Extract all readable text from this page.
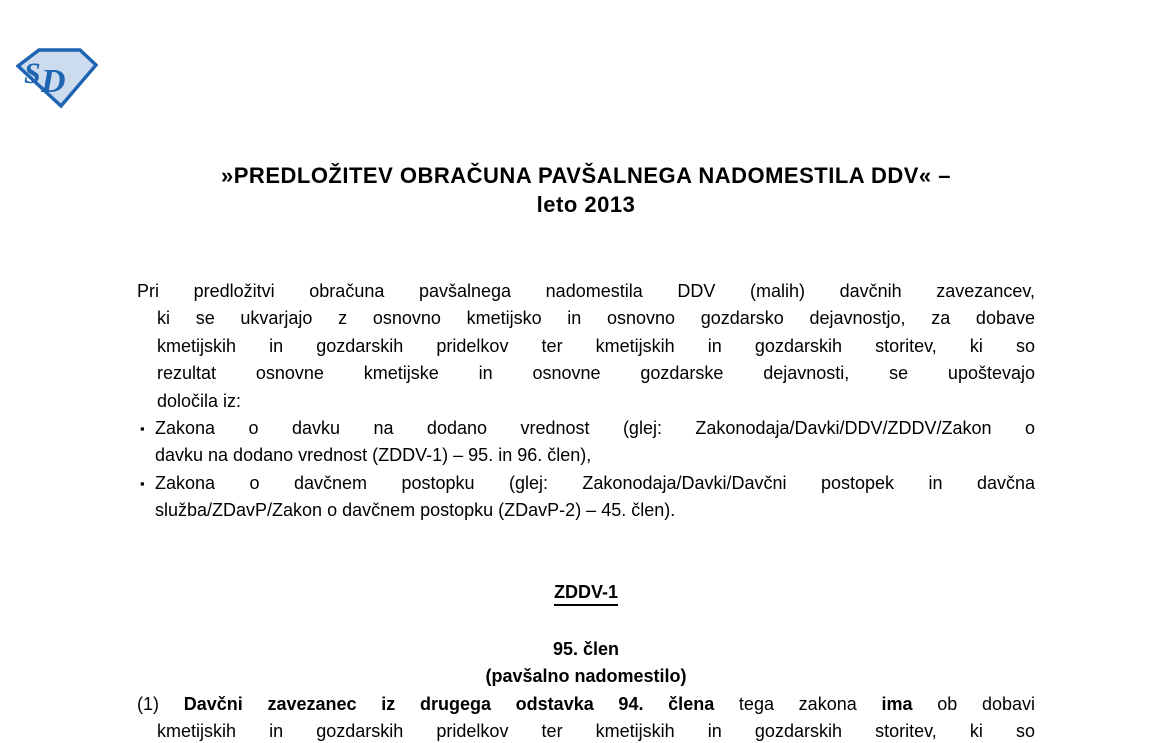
S D
»PREDLOŽITEV OBRAČUNA PAVŠALNEGA NADOMESTILA DDV« –
leto 2013
Pri predložitvi obračuna pavšalnega nadomestila DDV (malih) davčnih zavezancev,
ki se ukvarjajo z osnovno kmetijsko in osnovno gozdarsko dejavnostjo, za dobave
kmetijskih in gozdarskih pridelkov ter kmetijskih in gozdarskih storitev, ki so
rezultat osnovne kmetijske in osnovne gozdarske dejavnosti, se upoštevajo
določila iz:
▪ Zakona o davku na dodano vrednost (glej: Zakonodaja/Davki/DDV/ZDDV/Zakon o
davku na dodano vrednost (ZDDV-1) – 95. in 96. člen),
▪ Zakona o davčnem postopku (glej: Zakonodaja/Davki/Davčni postopek in davčna
služba/ZDavP/Zakon o davčnem postopku (ZDavP-2) – 45. člen).
ZDDV-1
95. člen
(pavšalno nadomestilo)
(1) Davčni zavezanec iz drugega odstavka 94. člena tega zakona ima ob dobavi
kmetijskih in gozdarskih pridelkov ter kmetijskih in gozdarskih storitev, ki so
